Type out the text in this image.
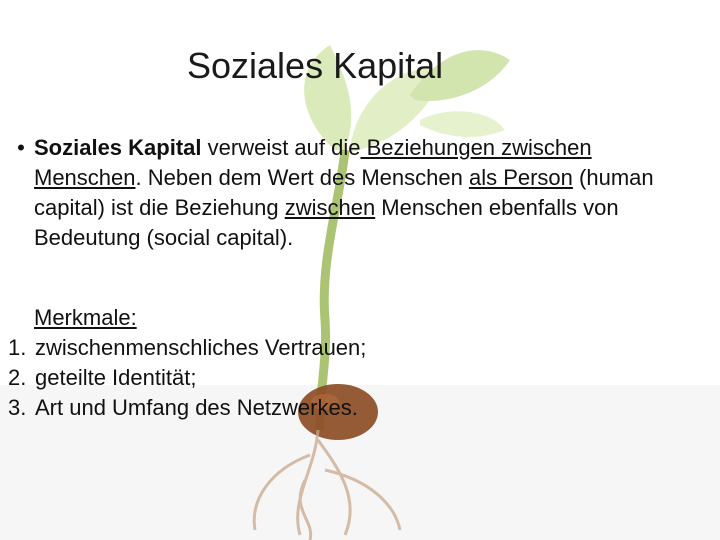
Soziales Kapital
• Soziales Kapital verweist auf die Beziehungen zwischen Menschen. Neben dem Wert des Menschen als Person (human capital) ist die Beziehung zwischen Menschen ebenfalls von Bedeutung (social capital).
Merkmale:
1. zwischenmenschliches Vertrauen;
2. geteilte Identität;
3. Art und Umfang des Netzwerkes.
